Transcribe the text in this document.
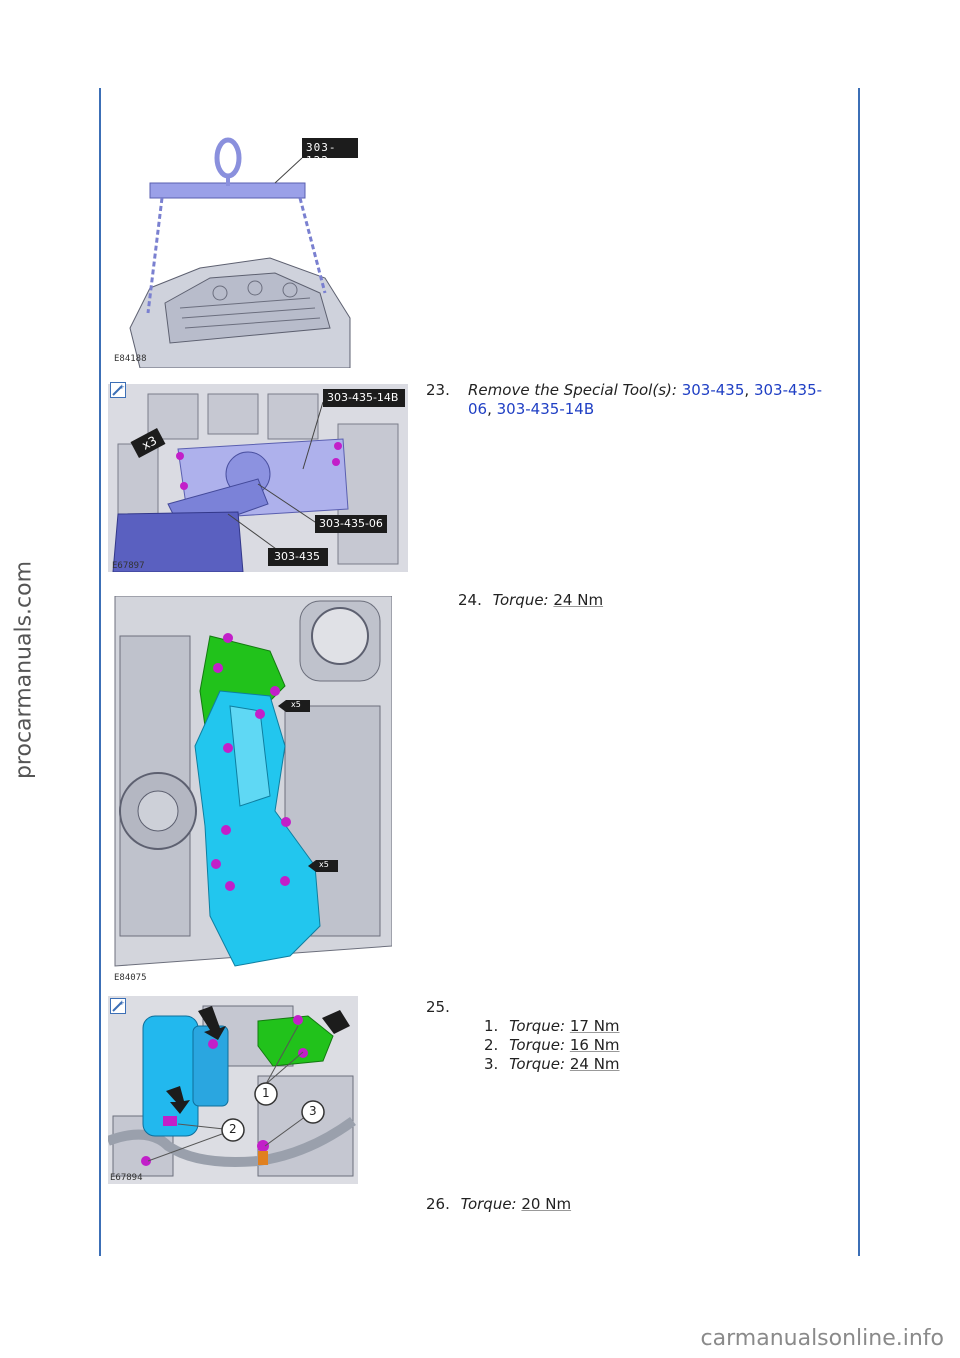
procarmanuals.com
carmanualsonline.info
303-122
E84188
+
303-435-14B
303-435-06
303-435
x3
E67897
23. Remove the Special Tool(s): 303-435, 303-435-
06, 303-435-14B
x5
x5
E84075
24. Torque: 24 Nm
+
1
2
3
E67894
25.
1. Torque: 17 Nm
2. Torque: 16 Nm
3. Torque: 24 Nm
26. Torque: 20 Nm
